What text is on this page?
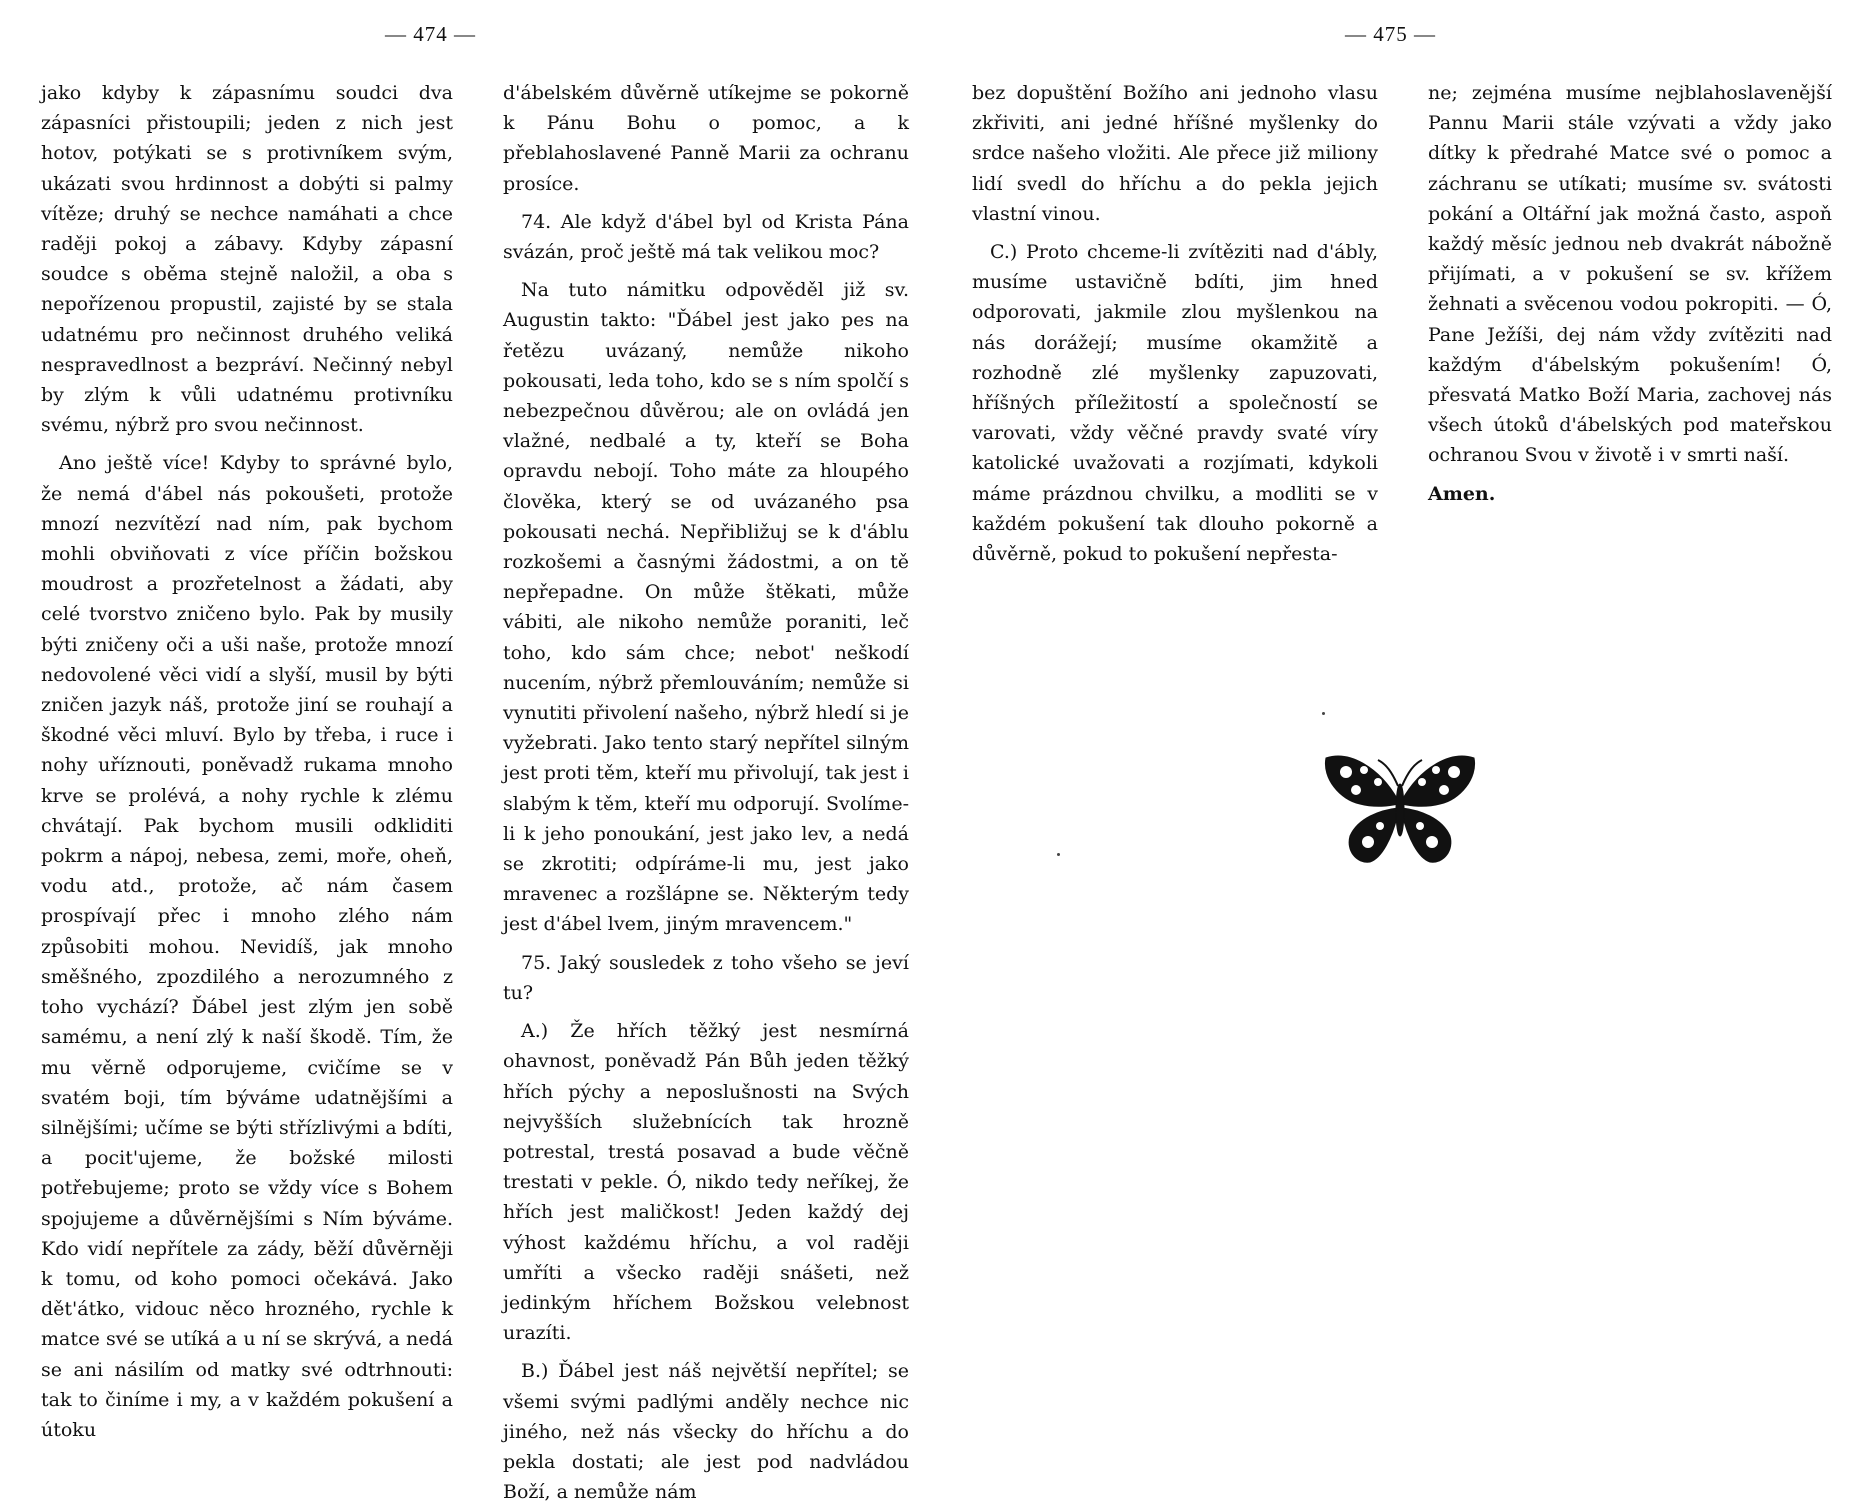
— 474 —	— 475 —

jako kdyby k zápasnímu soudci dva zápasníci přistoupili; jeden z nich jest hotov, potýkati se s protivníkem svým, ukázati svou hrdinnost a dobýti si palmy vítěze; druhý se nechce namáhati a chce raději pokoj a zábavy. Kdyby zápasní soudce s oběma stejně naložil, a oba s nepořízenou propustil, zajisté by se stala udatnému pro nečinnost druhého veliká nespravedlnost a bezpráví. Nečinný nebyl by zlým k vůli udatnému protivníku svému, nýbrž pro svou nečinnost.

Ano ještě více! Kdyby to správné bylo, že nemá d'ábel nás pokoušeti, protože mnozí nezvítězí nad ním, pak bychom mohli obviňovati z více příčin božskou moudrost a prozřetelnost a žádati, aby celé tvorstvo zničeno bylo. Pak by musily býti zničeny oči a uši naše, protože mnozí nedovolené věci vidí a slyší, musil by býti zničen jazyk náš, protože jiní se rouhají a škodné věci mluví. Bylo by třeba, i ruce i nohy uříznouti, poněvadž rukama mnoho krve se prolévá, a nohy rychle k zlému chvátají. Pak bychom musili odkliditi pokrm a nápoj, nebesa, zemi, moře, oheň, vodu atd., protože, ač nám časem prospívají přec i mnoho zlého nám způsobiti mohou. Nevidíš, jak mnoho směšného, zpozdilého a nerozumného z toho vychází? Ďábel jest zlým jen sobě samému, a není zlý k naší škodě. Tím, že mu věrně odporujeme, cvičíme se v svatém boji, tím býváme udatnějšími a silnějšími; učíme se býti střízlivými a bdíti, a pocit'ujeme, že božské milosti potřebujeme; proto se vždy více s Bohem spojujeme a důvěrnějšími s Ním býváme. Kdo vidí nepřítele za zády, běží důvěrněji k tomu, od koho pomoci očekává. Jako dět'átko, vidouc něco hrozného, rychle k matce své se utíká a u ní se skrývá, a nedá se ani násilím od matky své odtrhnouti: tak to činíme i my, a v každém pokušení a útoku

d'ábelském důvěrně utíkejme se pokorně k Pánu Bohu o pomoc, a k přeblahoslavené Panně Marii za ochranu prosíce.

74. Ale když d'ábel byl od Krista Pána svázán, proč ještě má tak velikou moc?

Na tuto námitku odpověděl již sv. Augustin takto: "Ďábel jest jako pes na řetězu uvázaný, nemůže nikoho pokousati, leda toho, kdo se s ním spolčí s nebezpečnou důvěrou; ale on ovládá jen vlažné, nedbalé a ty, kteří se Boha opravdu nebojí. Toho máte za hloupého člověka, který se od uvázaného psa pokousati nechá. Nepřibližuj se k d'áblu rozkošemi a časnými žádostmi, a on tě nepřepadne. On může štěkati, může vábiti, ale nikoho nemůže poraniti, leč toho, kdo sám chce; nebot' neškodí nucením, nýbrž přemlouváním; nemůže si vynutiti přivolení našeho, nýbrž hledí si je vyžebrati. Jako tento starý nepřítel silným jest proti těm, kteří mu přivolují, tak jest i slabým k těm, kteří mu odporují. Svolíme-li k jeho ponoukání, jest jako lev, a nedá se zkrotiti; odpíráme-li mu, jest jako mravenec a rozšlápne se. Některým tedy jest d'ábel lvem, jiným mravencem."

75. Jaký sousledek z toho všeho se jeví tu?

A.) Že hřích těžký jest nesmírná ohavnost, poněvadž Pán Bůh jeden těžký hřích pýchy a neposlušnosti na Svých nejvyšších služebnících tak hrozně potrestal, trestá posavad a bude věčně trestati v pekle. Ó, nikdo tedy neříkej, že hřích jest maličkost! Jeden každý dej výhost každému hříchu, a vol raději umříti a všecko raději snášeti, než jedinkým hříchem Božskou velebnost urazíti.

B.) Ďábel jest náš největší nepřítel; se všemi svými padlými anděly nechce nic jiného, než nás všecky do hříchu a do pekla dostati; ale jest pod nadvládou Boží, a nemůže nám

bez dopuštění Božího ani jednoho vlasu zkřiviti, ani jedné hříšné myšlenky do srdce našeho vložiti. Ale přece již miliony lidí svedl do hříchu a do pekla jejich vlastní vinou.

C.) Proto chceme-li zvítěziti nad d'ábly, musíme ustavičně bdíti, jim hned odporovati, jakmile zlou myšlenkou na nás dorážejí; musíme okamžitě a rozhodně zlé myšlenky zapuzovati, hříšných příležitostí a společností se varovati, vždy věčné pravdy svaté víry katolické uvažovati a rozjímati, kdykoli máme prázdnou chvilku, a modliti se v každém pokušení tak dlouho pokorně a důvěrně, pokud to pokušení nepřesta-

ne; zejména musíme nejblahoslavenější Pannu Marii stále vzývati a vždy jako dítky k předrahé Matce své o pomoc a záchranu se utíkati; musíme sv. svátosti pokání a Oltářní jak možná často, aspoň každý měsíc jednou neb dvakrát nábožně přijímati, a v pokušení se sv. křížem žehnati a svěcenou vodou pokropiti. — Ó, Pane Ježíši, dej nám vždy zvítěziti nad každým d'ábelským pokušením! Ó, přesvatá Matko Boží Maria, zachovej nás všech útoků d'ábelských pod mateřskou ochranou Svou v životě i v smrti naší.

Amen.
